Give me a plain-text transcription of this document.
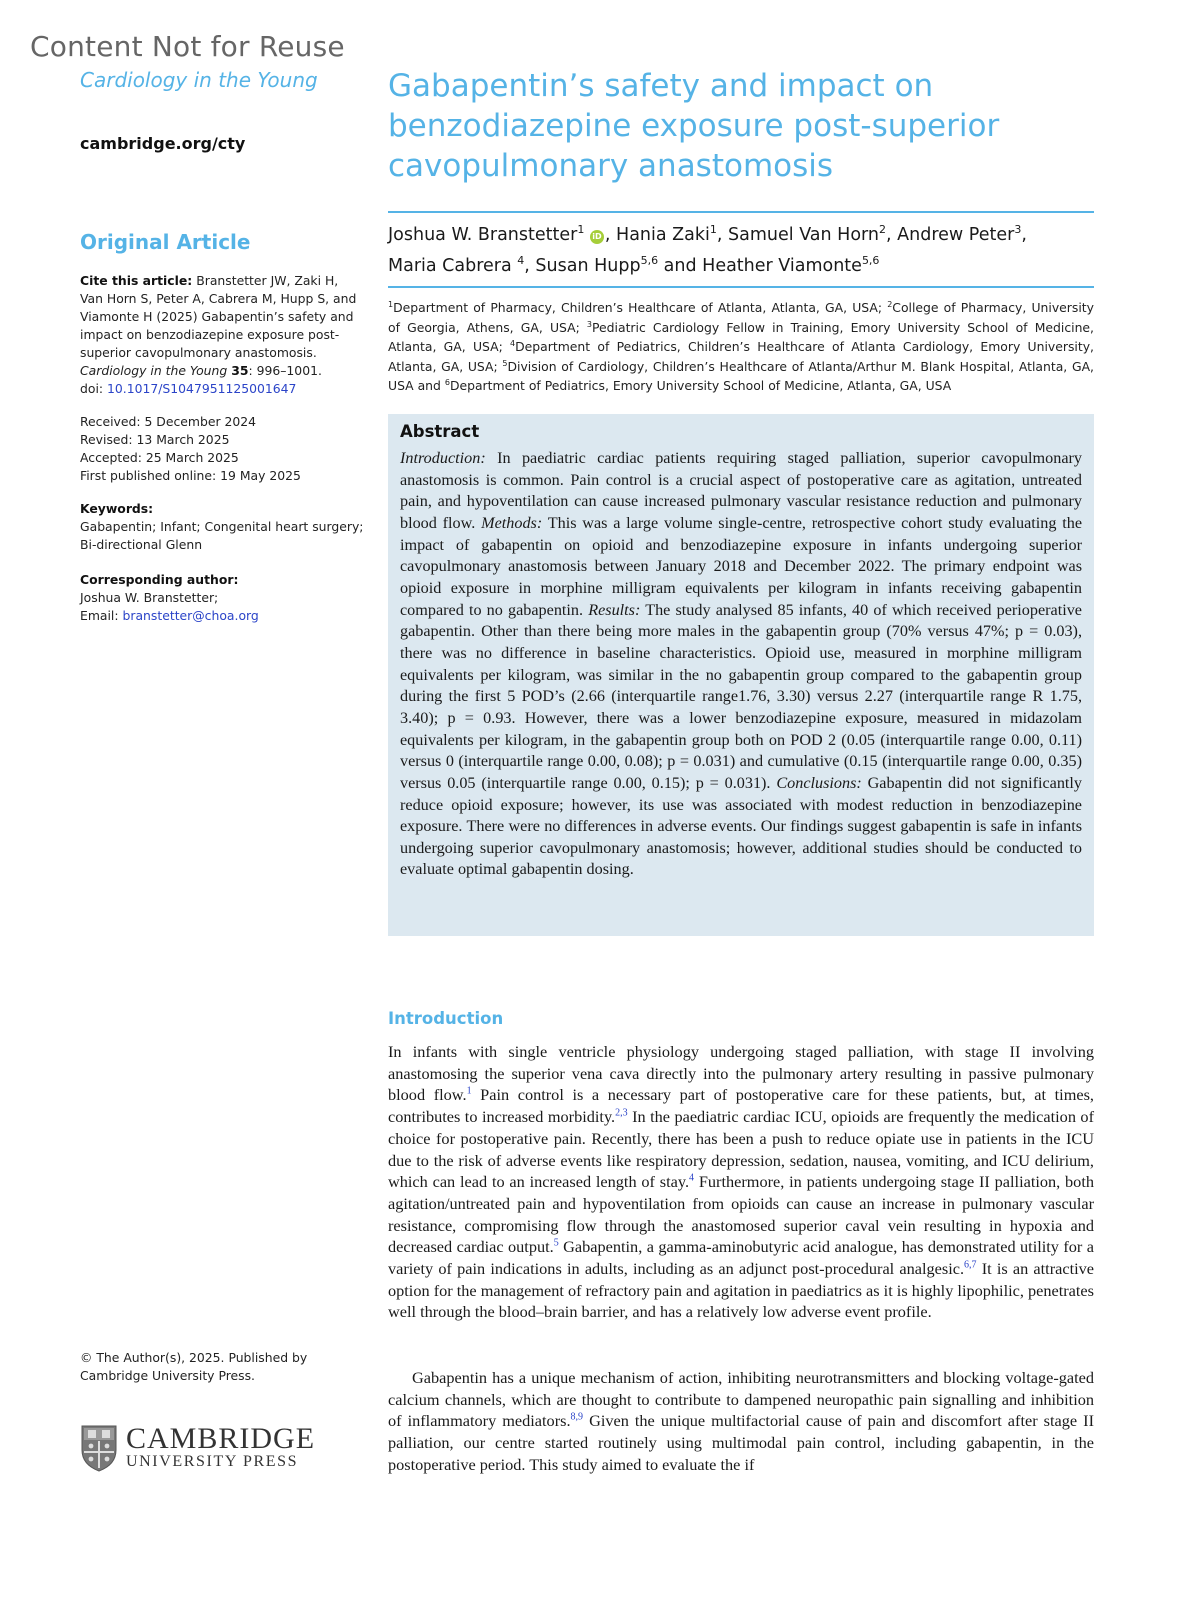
Content Not for Reuse
Cardiology in the Young
cambridge.org/cty
Gabapentin’s safety and impact on benzodiazepine exposure post-superior cavopulmonary anastomosis
Joshua W. Branstetter$^1$ iD , Hania Zaki$^1$, Samuel Van Horn$^2$, Andrew Peter$^3$,
Maria Cabrera $^4$, Susan Hupp$^{5,6}$ and Heather Viamonte$^{5,6}$
$^1$Department of Pharmacy, Children’s Healthcare of Atlanta, Atlanta, GA, USA; $^2$College of Pharmacy, University of Georgia, Athens, GA, USA; $^3$Pediatric Cardiology Fellow in Training, Emory University School of Medicine, Atlanta, GA, USA; $^4$Department of Pediatrics, Children’s Healthcare of Atlanta Cardiology, Emory University, Atlanta, GA, USA; $^5$Division of Cardiology, Children’s Healthcare of Atlanta/Arthur M. Blank Hospital, Atlanta, GA, USA and $^6$Department of Pediatrics, Emory University School of Medicine, Atlanta, GA, USA
Original Article
Cite this article: Branstetter JW, Zaki H, Van Horn S, Peter A, Cabrera M, Hupp S, and Viamonte H (2025) Gabapentin’s safety and impact on benzodiazepine exposure post-superior cavopulmonary anastomosis. Cardiology in the Young 35: 996–1001.
doi: 10.1017/S1047951125001647
Received: 5 December 2024
Revised: 13 March 2025
Accepted: 25 March 2025
First published online: 19 May 2025
Keywords:
Gabapentin; Infant; Congenital heart surgery; Bi-directional Glenn
Corresponding author:
Joshua W. Branstetter;
Email: branstetter@choa.org
© The Author(s), 2025. Published by Cambridge University Press.
CAMBRIDGE
UNIVERSITY PRESS
Abstract
Introduction: In paediatric cardiac patients requiring staged palliation, superior cavopulmonary anastomosis is common. Pain control is a crucial aspect of postoperative care as agitation, untreated pain, and hypoventilation can cause increased pulmonary vascular resistance reduction and pulmonary blood flow. Methods: This was a large volume single-centre, retrospective cohort study evaluating the impact of gabapentin on opioid and benzodiazepine exposure in infants undergoing superior cavopulmonary anastomosis between January 2018 and December 2022. The primary endpoint was opioid exposure in morphine milligram equivalents per kilogram in infants receiving gabapentin compared to no gabapentin. Results: The study analysed 85 infants, 40 of which received perioperative gabapentin. Other than there being more males in the gabapentin group (70% versus 47%; p = 0.03), there was no difference in baseline characteristics. Opioid use, measured in morphine milligram equivalents per kilogram, was similar in the no gabapentin group compared to the gabapentin group during the first 5 POD’s (2.66 (interquartile range1.76, 3.30) versus 2.27 (interquartile range R 1.75, 3.40); p = 0.93. However, there was a lower benzodiazepine exposure, measured in midazolam equivalents per kilogram, in the gabapentin group both on POD 2 (0.05 (interquartile range 0.00, 0.11) versus 0 (interquartile range 0.00, 0.08); p = 0.031) and cumulative (0.15 (interquartile range 0.00, 0.35) versus 0.05 (interquartile range 0.00, 0.15); p = 0.031). Conclusions: Gabapentin did not significantly reduce opioid exposure; however, its use was associated with modest reduction in benzodiazepine exposure. There were no differences in adverse events. Our findings suggest gabapentin is safe in infants undergoing superior cavopulmonary anastomosis; however, additional studies should be conducted to evaluate optimal gabapentin dosing.
Introduction

In infants with single ventricle physiology undergoing staged palliation, with stage II involving anastomosing the superior vena cava directly into the pulmonary artery resulting in passive pulmonary blood flow.$^1$ Pain control is a necessary part of postoperative care for these patients, but, at times, contributes to increased morbidity.$^{2,3}$ In the paediatric cardiac ICU, opioids are frequently the medication of choice for postoperative pain. Recently, there has been a push to reduce opiate use in patients in the ICU due to the risk of adverse events like respiratory depression, sedation, nausea, vomiting, and ICU delirium, which can lead to an increased length of stay.$^4$ Furthermore, in patients undergoing stage II palliation, both agitation/untreated pain and hypoventilation from opioids can cause an increase in pulmonary vascular resistance, compromising flow through the anastomosed superior caval vein resulting in hypoxia and decreased cardiac output.$^5$ Gabapentin, a gamma-aminobutyric acid analogue, has demonstrated utility for a variety of pain indications in adults, including as an adjunct post-procedural analgesic.$^{6,7}$ It is an attractive option for the management of refractory pain and agitation in paediatrics as it is highly lipophilic, penetrates well through the blood–brain barrier, and has a relatively low adverse event profile.

Gabapentin has a unique mechanism of action, inhibiting neurotransmitters and blocking voltage-gated calcium channels, which are thought to contribute to dampened neuropathic pain signalling and inhibition of inflammatory mediators.$^{8,9}$ Given the unique multifactorial cause of pain and discomfort after stage II palliation, our centre started routinely using multimodal pain control, including gabapentin, in the postoperative period. This study aimed to evaluate the if
